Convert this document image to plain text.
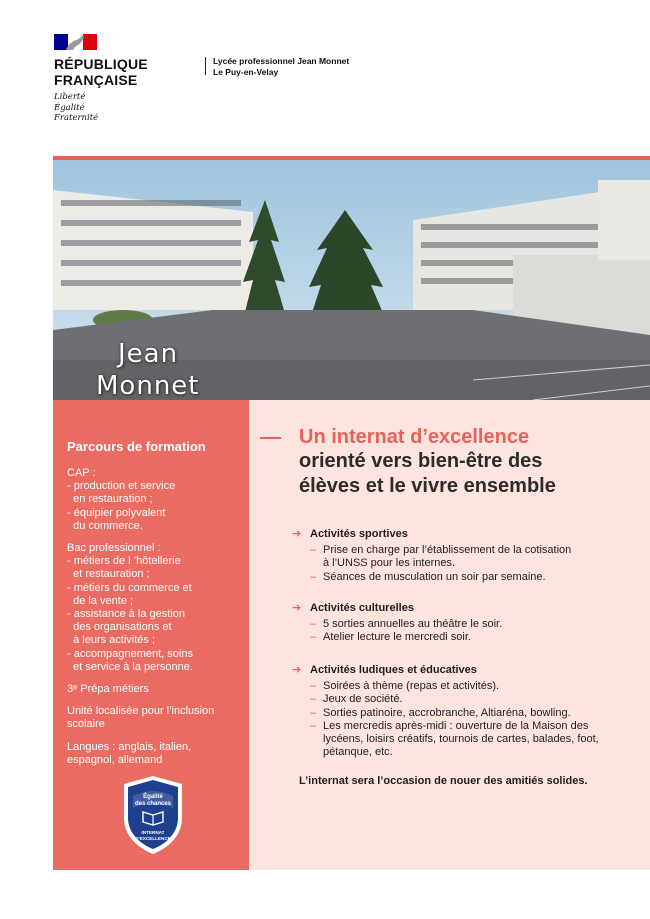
RÉPUBLIQUE
FRANÇAISE
Liberté
Égalité
Fraternité
Lycée professionnel Jean Monnet
Le Puy-en-Velay
Jean
Monnet
Parcours de formation
CAP :
- production et service
en restauration ;
- équipier polyvalent
du commerce.
Bac professionnel :
- métiers de l ’hôtellerie
et restauration ;
- métiers du commerce et
de la vente ;
- assistance à la gestion
des organisations et
à leurs activités ;
- accompagnement, soins
et service à la personne.
3ᵉ Prépa métiers
Unité localisée pour l’inclusion
scolaire
Langues : anglais, italien,
espagnol, allemand
Égalité
des chances
INTERNAT
D’EXCELLENCE
Un internat d’excellence
orienté vers bien-être des
élèves et le vivre ensemble
➔ Activités sportives
– Prise en charge par l’établissement de la cotisation
à l’UNSS pour les internes.
– Séances de musculation un soir par semaine.
➔ Activités culturelles
– 5 sorties annuelles au théâtre le soir.
– Atelier lecture le mercredi soir.
➔ Activités ludiques et éducatives
– Soirées à thème (repas et activités).
– Jeux de société.
– Sorties patinoire, accrobranche, Altiaréna, bowling.
– Les mercredis après-midi : ouverture de la Maison des
lycéens, loisirs créatifs, tournois de cartes, balades, foot,
pétanque, etc.
L’internat sera l’occasion de nouer des amitiés solides.
